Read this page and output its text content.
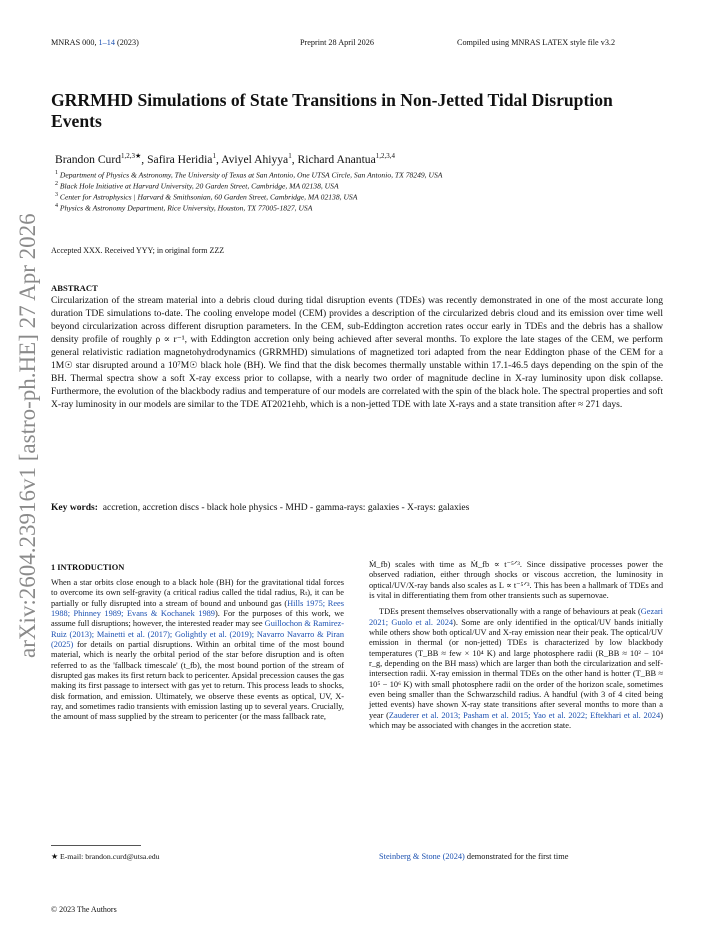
MNRAS 000, 1–14 (2023)	Preprint 28 April 2026	Compiled using MNRAS LATEX style file v3.2
GRRMHD Simulations of State Transitions in Non-Jetted Tidal Disruption Events
Brandon Curd$^{1,2,3★}$, Safira Heridia$^1$, Aviyel Ahiyya$^1$, Richard Anantua$^{1,2,3,4}$
$^1$ Department of Physics & Astronomy, The University of Texas at San Antonio, One UTSA Circle, San Antonio, TX 78249, USA
$^2$ Black Hole Initiative at Harvard University, 20 Garden Street, Cambridge, MA 02138, USA
$^3$ Center for Astrophysics | Harvard & Smithsonian, 60 Garden Street, Cambridge, MA 02138, USA
$^4$ Physics & Astronomy Department, Rice University, Houston, TX 77005-1827, USA
Accepted XXX. Received YYY; in original form ZZZ
arXiv:2604.23916v1 [astro-ph.HE] 27 Apr 2026	ABSTRACT
Circularization of the stream material into a debris cloud during tidal disruption events (TDEs) was recently demonstrated in one of the most accurate long duration TDE simulations to-date. The cooling envelope model (CEM) provides a description of the circularized debris cloud and its emission over time well beyond circularization across different disruption parameters. In the CEM, sub-Eddington accretion rates occur early in TDEs and the debris has a shallow density profile of roughly ρ ∝ r⁻¹, with Eddington accretion only being achieved after several months. To explore the late stages of the CEM, we perform general relativistic radiation magnetohydrodynamics (GRRMHD) simulations of magnetized tori adapted from the near Eddington phase of the CEM for a 1M☉ star disrupted around a 10⁷M☉ black hole (BH). We find that the disk becomes thermally unstable within 17.1-46.5 days depending on the spin of the BH. Thermal spectra show a soft X-ray excess prior to collapse, with a nearly two order of magnitude decline in X-ray luminosity upon disk collapse. Furthermore, the evolution of the blackbody radius and temperature of our models are correlated with the spin of the black hole. The spectral properties and soft X-ray luminosity in our models are similar to the TDE AT2021ehb, which is a non-jetted TDE with late X-rays and a state transition after ≈ 271 days.
Key words: accretion, accretion discs - black hole physics - MHD - gamma-rays: galaxies - X-rays: galaxies
1 INTRODUCTION

When a star orbits close enough to a black hole (BH) for the gravitational tidal forces to overcome its own self-gravity (a critical radius called the tidal radius, Rₜ), it can be partially or fully disrupted into a stream of bound and unbound gas (Hills 1975; Rees 1988; Phinney 1989; Evans & Kochanek 1989). For the purposes of this work, we assume full disruptions; however, the interested reader may see Guillochon & Ramirez-Ruiz (2013); Mainetti et al. (2017); Golightly et al. (2019); Navarro Navarro & Piran (2025) for details on partial disruptions. Within an orbital time of the most bound material, which is nearly the orbital period of the star before disruption and is often referred to as the 'fallback timescale' (t_fb), the most bound portion of the stream of disrupted gas makes its first return back to pericenter. Apsidal precession causes the gas making its first passage to intersect with gas yet to return. This process leads to shocks, disk formation, and emission. Ultimately, we observe these events as optical, UV, X-ray, and sometimes radio transients with emission lasting up to several years. Crucially, the amount of mass supplied by the stream to pericenter (or the mass fallback rate,

Ṁ_fb) scales with time as Ṁ_fb ∝ t⁻⁵ᐟ³. Since dissipative processes power the observed radiation, either through shocks or viscous accretion, the luminosity in optical/UV/X-ray bands also scales as L ∝ t⁻⁵ᐟ³. This has been a hallmark of TDEs and is vital in differentiating them from other transients such as supernovae.

TDEs present themselves observationally with a range of behaviours at peak (Gezari 2021; Guolo et al. 2024). Some are only identified in the optical/UV bands initially while others show both optical/UV and X-ray emission near their peak. The optical/UV emission in thermal (or non-jetted) TDEs is characterized by low blackbody temperatures (T_BB ≈ few × 10⁴ K) and large photosphere radii (R_BB ≈ 10² − 10⁴ r_g, depending on the BH mass) which are larger than both the circularization and self-intersection radii. X-ray emission in thermal TDEs on the other hand is hotter (T_BB ≈ 10⁵ − 10⁶ K) with small photosphere radii on the order of the horizon scale, sometimes even being smaller than the Schwarzschild radius. A handful (with 3 of 4 cited being jetted events) have shown X-ray state transitions after several months to more than a year (Zauderer et al. 2013; Pasham et al. 2015; Yao et al. 2022; Eftekhari et al. 2024) which may be associated with changes in the accretion state.

Steinberg & Stone (2024) demonstrated for the first time
★ E-mail: brandon.curd@utsa.edu
© 2023 The Authors
